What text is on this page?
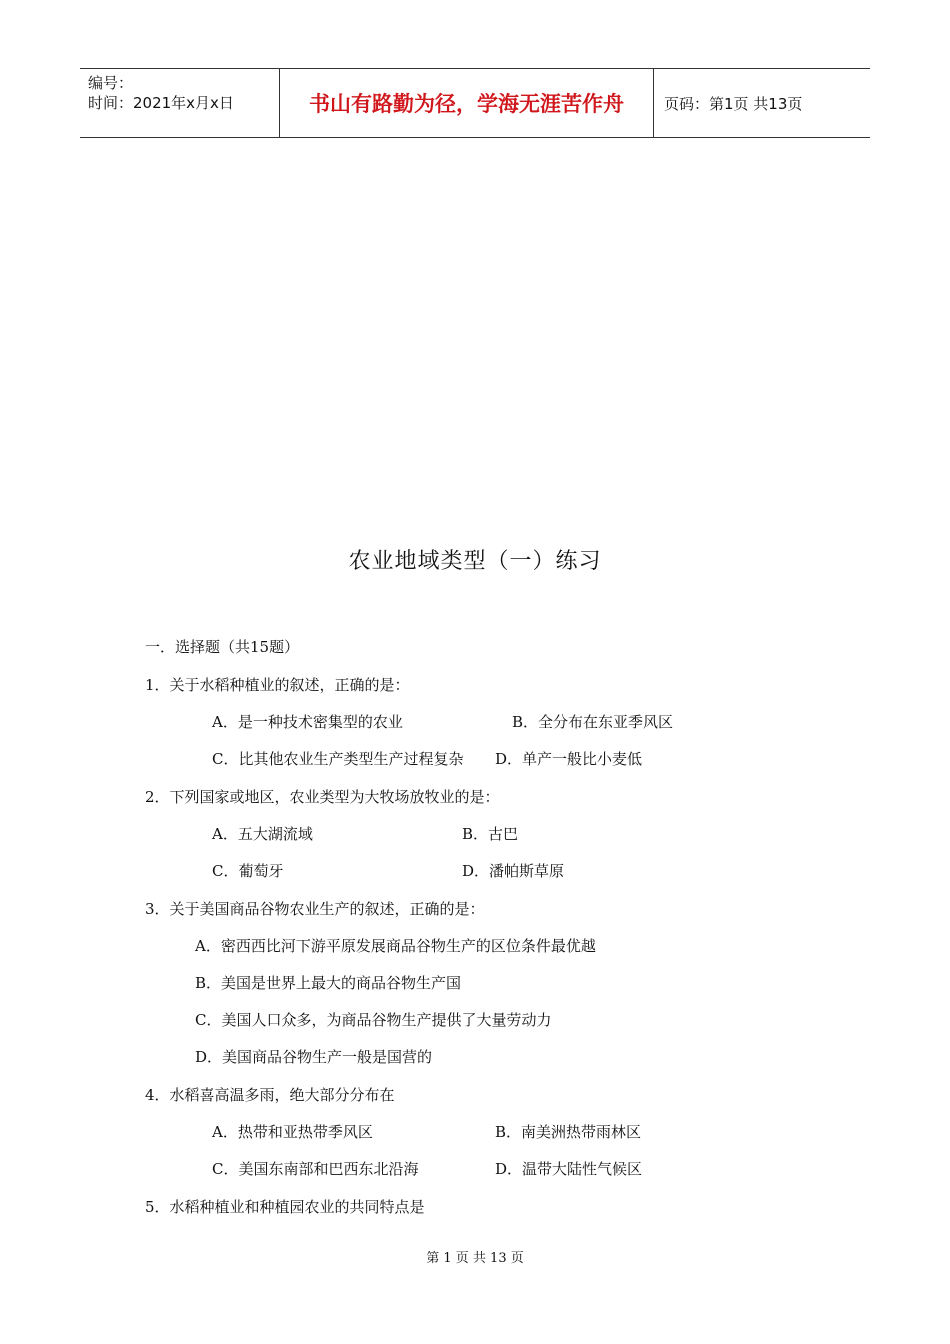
编号：
时间：2021年x月x日	书山有路勤为径，学海无涯苦作舟	页码：第1页 共13页
农业地域类型（一）练习
一．选择题（共15题）
1．关于水稻种植业的叙述，正确的是：
A．是一种技术密集型的农业	B．全分布在东亚季风区
C．比其他农业生产类型生产过程复杂 D．单产一般比小麦低
2．下列国家或地区，农业类型为大牧场放牧业的是：
A．五大湖流域	B．古巴
C．葡萄牙	D．潘帕斯草原
3．关于美国商品谷物农业生产的叙述，正确的是：
A．密西西比河下游平原发展商品谷物生产的区位条件最优越
B．美国是世界上最大的商品谷物生产国
C．美国人口众多，为商品谷物生产提供了大量劳动力
D．美国商品谷物生产一般是国营的
4．水稻喜高温多雨，绝大部分分布在
A．热带和亚热带季风区	B．南美洲热带雨林区
C．美国东南部和巴西东北沿海	D．温带大陆性气候区
5．水稻种植业和种植园农业的共同特点是
第 1 页 共 13 页
